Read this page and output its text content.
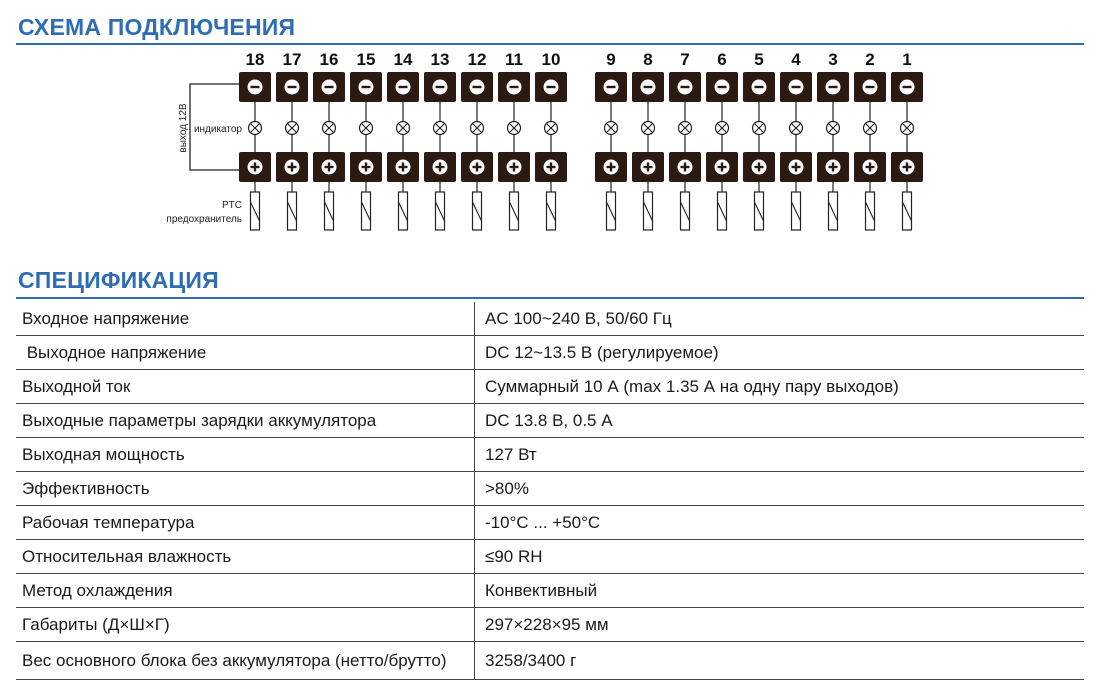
СХЕМА ПОДКЛЮЧЕНИЯ
выход 12В индикатор
PTC
предохранитель
18 17 16 15 14 13 12 11 10	9 8 7 6 5 4 3 2 1
СПЕЦИФИКАЦИЯ
Входное напряжение	AC 100~240 В, 50/60 Гц
Выходное напряжение	DC 12~13.5 В (регулируемое)
Выходной ток	Суммарный 10 А (max 1.35 А на одну пару выходов)
Выходные параметры зарядки аккумулятора	DC 13.8 В, 0.5 А
Выходная мощность	127 Вт
Эффективность	>80%
Рабочая температура	-10°C ... +50°C
Относительная влажность	≤90 RH
Метод охлаждения	Конвективный
Габариты (Д×Ш×Г)	297×228×95 мм
Вес основного блока без аккумулятора (нетто/брутто)	3258/3400 г
